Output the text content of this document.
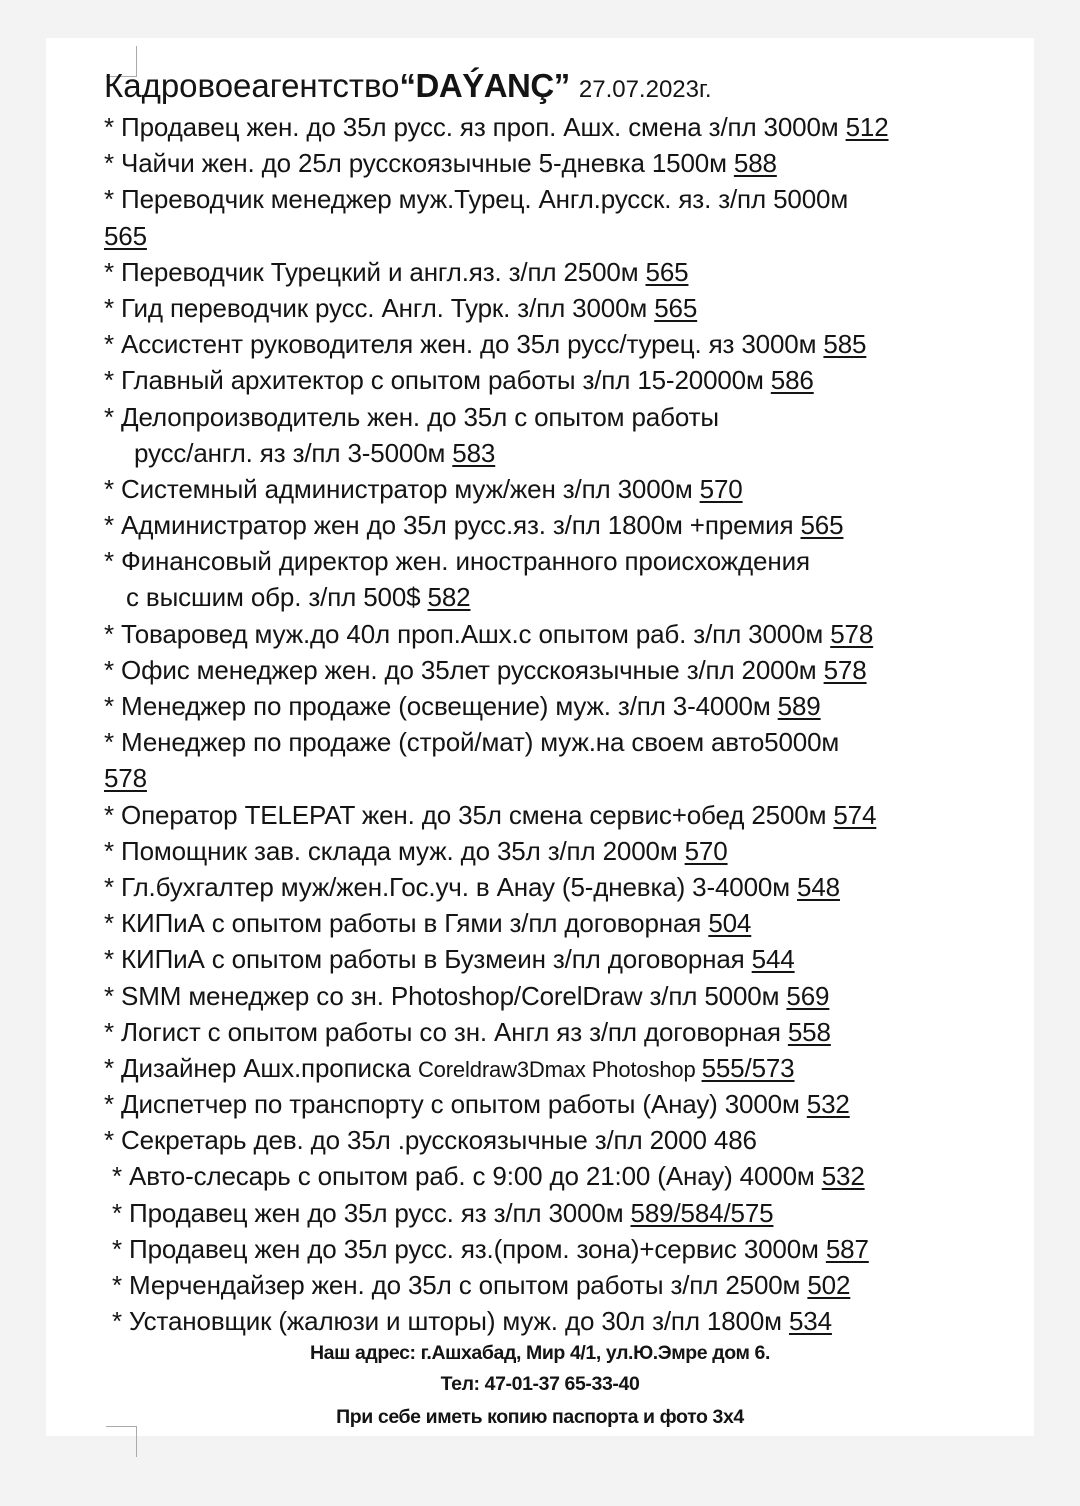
Кадровоеагентство“DAÝANÇ” 27.07.2023г.
* Продавец жен. до 35л русс. яз проп. Ашх. смена з/пл 3000м 512
* Чайчи жен. до 25л русскоязычные 5-дневка 1500м 588
* Переводчик менеджер муж.Турец. Англ.русск. яз. з/пл 5000м
565
* Переводчик Турецкий и англ.яз. з/пл 2500м 565
* Гид переводчик русс. Англ. Турк. з/пл 3000м 565
* Ассистент руководителя жен. до 35л русс/турец. яз 3000м 585
* Главный архитектор с опытом работы з/пл 15-20000м 586
* Делопроизводитель жен. до 35л с опытом работы
русс/англ. яз з/пл 3-5000м 583
* Системный администратор муж/жен з/пл 3000м 570
* Администратор жен до 35л русс.яз. з/пл 1800м +премия 565
* Финансовый директор жен. иностранного происхождения
с высшим обр. з/пл 500$ 582
* Товаровед муж.до 40л проп.Ашх.с опытом раб. з/пл 3000м 578
* Офис менеджер жен. до 35лет русскоязычные з/пл 2000м 578
* Менеджер по продаже (освещение) муж. з/пл 3-4000м 589
* Менеджер по продаже (строй/мат) муж.на своем авто5000м
578
* Оператор TELEPAT жен. до 35л смена сервис+обед 2500м 574
* Помощник зав. склада муж. до 35л з/пл 2000м 570
* Гл.бухгалтер муж/жен.Гос.уч. в Анау (5-дневка) 3-4000м 548
* КИПиА с опытом работы в Гями з/пл договорная 504
* КИПиА с опытом работы в Бузмеин з/пл договорная 544
* SMM менеджер со зн. Photoshop/CorelDraw з/пл 5000м 569
* Логист с опытом работы со зн. Англ яз з/пл договорная 558
* Дизайнер Ашх.прописка Coreldraw3Dmax Photoshop 555/573
* Диспетчер по транспорту с опытом работы (Анау) 3000м 532
* Секретарь дев. до 35л .русскоязычные з/пл 2000 486
* Авто-слесарь с опытом раб. с 9:00 до 21:00 (Анау) 4000м 532
* Продавец жен до 35л русс. яз з/пл 3000м 589/584/575
* Продавец жен до 35л русс. яз.(пром. зона)+сервис 3000м 587
* Мерчендайзер жен. до 35л с опытом работы з/пл 2500м 502
* Установщик (жалюзи и шторы) муж. до 30л з/пл 1800м 534
Наш адрес: г.Ашхабад, Мир 4/1, ул.Ю.Эмре дом 6.
Тел: 47-01-37 65-33-40
При себе иметь копию паспорта и фото 3х4
